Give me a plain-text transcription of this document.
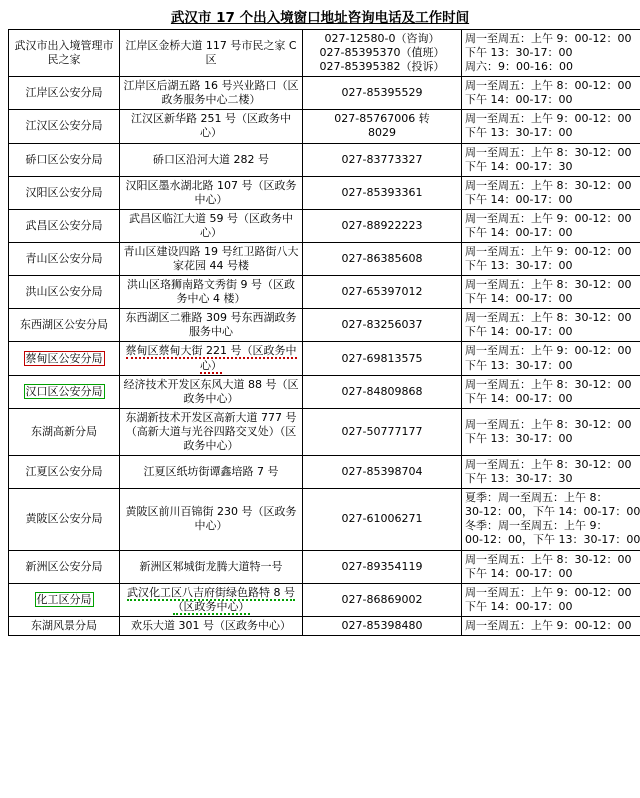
武汉市 17 个出入境窗口地址咨询电话及工作时间
武汉市出入境管理市民之家	江岸区金桥大道 117 号市民之家 C 区	027-12580-0（咨询）
027-85395370（值班）
027-85395382（投诉）	周一至周五：上午 9：00-12：00
下午 13：30-17：00
周六：9：00-16：00

江岸区公安分局	江岸区后湖五路 16 号兴业路口（区政务服务中心二楼）	027-85395529	周一至周五：上午 8：00-12：00
下午 14：00-17：00

江汉区公安分局	江汉区新华路 251 号（区政务中心）	027-85767006 转
8029	周一至周五：上午 9：00-12：00
下午 13：30-17：00

硚口区公安分局	硚口区沿河大道 282 号	027-83773327	周一至周五：上午 8：30-12：00
下午 14：00-17：30

汉阳区公安分局	汉阳区墨水湖北路 107 号（区政务中心）	027-85393361	周一至周五：上午 8：30-12：00
下午 14：00-17：00

武昌区公安分局	武昌区临江大道 59 号（区政务中心）	027-88922223	周一至周五：上午 9：00-12：00
下午 14：00-17：00

青山区公安分局	青山区建设四路 19 号红卫路街八大家花园 44 号楼	027-86385608	周一至周五：上午 9：00-12：00
下午 13：30-17：00

洪山区公安分局	洪山区珞狮南路文秀街 9 号（区政务中心 4 楼）	027-65397012	周一至周五：上午 8：30-12：00
下午 14：00-17：00

东西湖区公安分局	东西湖区二雅路 309 号东西湖政务服务中心	027-83256037	周一至周五：上午 8：30-12：00
下午 14：00-17：00

蔡甸区公安分局	蔡甸区蔡甸大街 221 号（区政务中心）	027-69813575	周一至周五：上午 9：00-12：00
下午 13：30-17：00

汉口区公安分局	经济技术开发区东风大道 88 号（区政务中心）	027-84809868	周一至周五：上午 8：30-12：00
下午 14：00-17：00

东湖高新分局	东湖新技术开发区高新大道 777 号（高新大道与光谷四路交叉处）（区政务中心）	027-50777177	周一至周五：上午 8：30-12：00
下午 13：30-17：00

江夏区公安分局	江夏区纸坊街谭鑫培路 7 号	027-85398704	周一至周五：上午 8：30-12：00
下午 13：30-17：30

黄陂区公安分局	黄陂区前川百锦街 230 号（区政务中心）	027-61006271	夏季：周一至周五：上午 8：
30-12：00，下午 14：00-17：00
冬季：周一至周五：上午 9：
00-12：00，下午 13：30-17：00

新洲区公安分局	新洲区邾城街龙腾大道特一号	027-89354119	周一至周五：上午 8：30-12：00
下午 14：00-17：00

化工区分局	武汉化工区八吉府街绿色路特 8 号（区政务中心）	027-86869002	周一至周五：上午 9：00-12：00
下午 14：00-17：00

东湖风景分局	欢乐大道 301 号（区政务中心）	027-85398480	周一至周五：上午 9：00-12：00
